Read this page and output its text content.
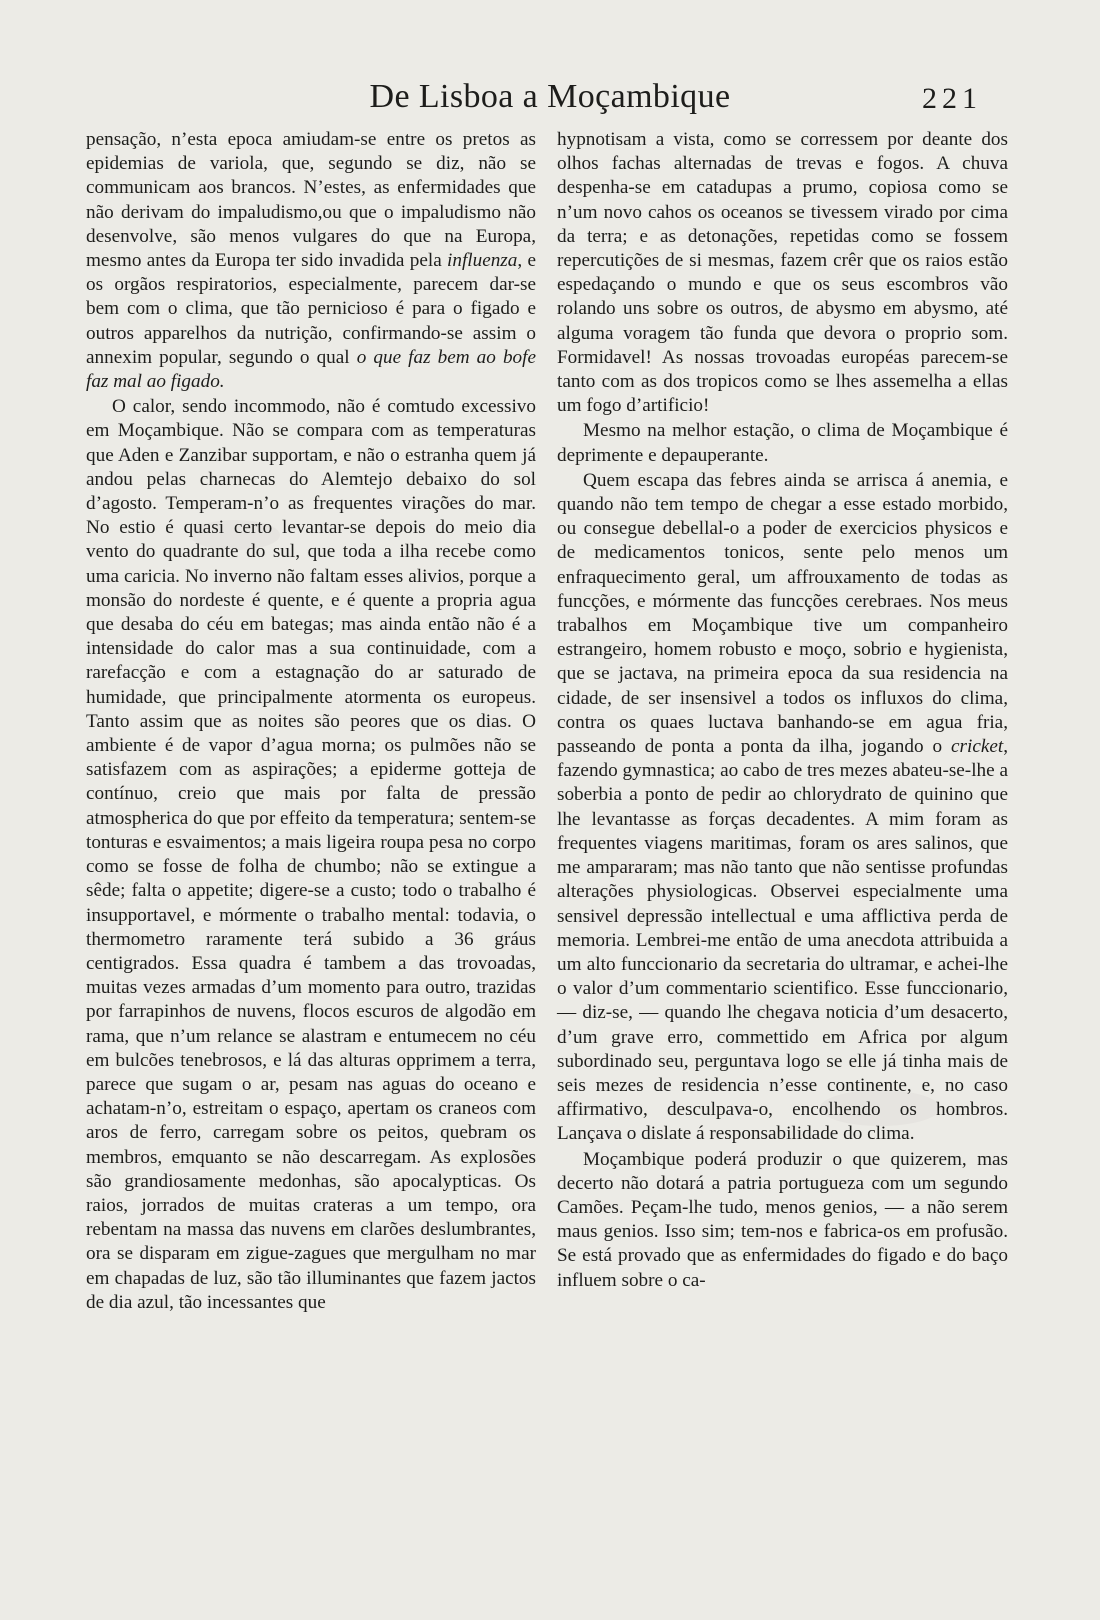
De Lisboa a Moçambique	221

pensação, n’esta epoca amiudam-se entre os pretos as epidemias de variola, que, segundo se diz, não se communicam aos brancos. N’estes, as enfermidades que não derivam do impaludismo,ou que o impaludismo não desenvolve, são menos vulgares do que na Europa, mesmo antes da Europa ter sido invadida pela influenza, e os orgãos respiratorios, especialmente, parecem dar-se bem com o clima, que tão pernicioso é para o figado e outros apparelhos da nutrição, confirmando-se assim o annexim popular, segundo o qual o que faz bem ao bofe faz mal ao figado.

O calor, sendo incommodo, não é comtudo excessivo em Moçambique. Não se compara com as temperaturas que Aden e Zanzibar supportam, e não o estranha quem já andou pelas charnecas do Alemtejo debaixo do sol d’agosto. Temperam-n’o as frequentes virações do mar. No estio é quasi certo levantar-se depois do meio dia vento do quadrante do sul, que toda a ilha recebe como uma caricia. No inverno não faltam esses alivios, porque a monsão do nordeste é quente, e é quente a propria agua que desaba do céu em bategas; mas ainda então não é a intensidade do calor mas a sua continuidade, com a rarefacção e com a estagnação do ar saturado de humidade, que principalmente atormenta os europeus. Tanto assim que as noites são peores que os dias. O ambiente é de vapor d’agua morna; os pulmões não se satisfazem com as aspirações; a epiderme gotteja de contínuo, creio que mais por falta de pressão atmospherica do que por effeito da temperatura; sentem-se tonturas e esvaimentos; a mais ligeira roupa pesa no corpo como se fosse de folha de chumbo; não se extingue a sêde; falta o appetite; digere-se a custo; todo o trabalho é insupportavel, e mórmente o trabalho mental: todavia, o thermometro raramente terá subido a 36 gráus centigrados. Essa quadra é tambem a das trovoadas, muitas vezes armadas d’um momento para outro, trazidas por farrapinhos de nuvens, flocos escuros de algodão em rama, que n’um relance se alastram e entumecem no céu em bulcões tenebrosos, e lá das alturas opprimem a terra, parece que sugam o ar, pesam nas aguas do oceano e achatam-n’o, estreitam o espaço, apertam os craneos com aros de ferro, carregam sobre os peitos, quebram os membros, emquanto se não descarregam. As explosões são grandiosamente medonhas, são apocalypticas. Os raios, jorrados de muitas crateras a um tempo, ora rebentam na massa das nuvens em clarões deslumbrantes, ora se disparam em zigue-zagues que mergulham no mar em chapadas de luz, são tão illuminantes que fazem jactos de dia azul, tão incessantes que

hypnotisam a vista, como se corressem por deante dos olhos fachas alternadas de trevas e fogos. A chuva despenha-se em catadupas a prumo, copiosa como se n’um novo cahos os oceanos se tivessem virado por cima da terra; e as detonações, repetidas como se fossem repercutições de si mesmas, fazem crêr que os raios estão espedaçando o mundo e que os seus escombros vão rolando uns sobre os outros, de abysmo em abysmo, até alguma voragem tão funda que devora o proprio som. Formidavel! As nossas trovoadas européas parecem-se tanto com as dos tropicos como se lhes assemelha a ellas um fogo d’artificio!

Mesmo na melhor estação, o clima de Moçambique é deprimente e depauperante.

Quem escapa das febres ainda se arrisca á anemia, e quando não tem tempo de chegar a esse estado morbido, ou consegue debellal-o a poder de exercicios physicos e de medicamentos tonicos, sente pelo menos um enfraquecimento geral, um affrouxamento de todas as funcções, e mórmente das funcções cerebraes. Nos meus trabalhos em Moçambique tive um companheiro estrangeiro, homem robusto e moço, sobrio e hygienista, que se jactava, na primeira epoca da sua residencia na cidade, de ser insensivel a todos os influxos do clima, contra os quaes luctava banhando-se em agua fria, passeando de ponta a ponta da ilha, jogando o cricket, fazendo gymnastica; ao cabo de tres mezes abateu-se-lhe a soberbia a ponto de pedir ao chlorydrato de quinino que lhe levantasse as forças decadentes. A mim foram as frequentes viagens maritimas, foram os ares salinos, que me ampararam; mas não tanto que não sentisse profundas alterações physiologicas. Observei especialmente uma sensivel depressão intellectual e uma afflictiva perda de memoria. Lembrei-me então de uma anecdota attribuida a um alto funccionario da secretaria do ultramar, e achei-lhe o valor d’um commentario scientifico. Esse funccionario, — diz-se, — quando lhe chegava noticia d’um desacerto, d’um grave erro, commettido em Africa por algum subordinado seu, perguntava logo se elle já tinha mais de seis mezes de residencia n’esse continente, e, no caso affirmativo, desculpava-o, encolhendo os hombros. Lançava o dislate á responsabilidade do clima.

Moçambique poderá produzir o que quizerem, mas decerto não dotará a patria portugueza com um segundo Camões. Peçam-lhe tudo, menos genios, — a não serem maus genios. Isso sim; tem-nos e fabrica-os em profusão. Se está provado que as enfermidades do figado e do baço influem sobre o ca-
